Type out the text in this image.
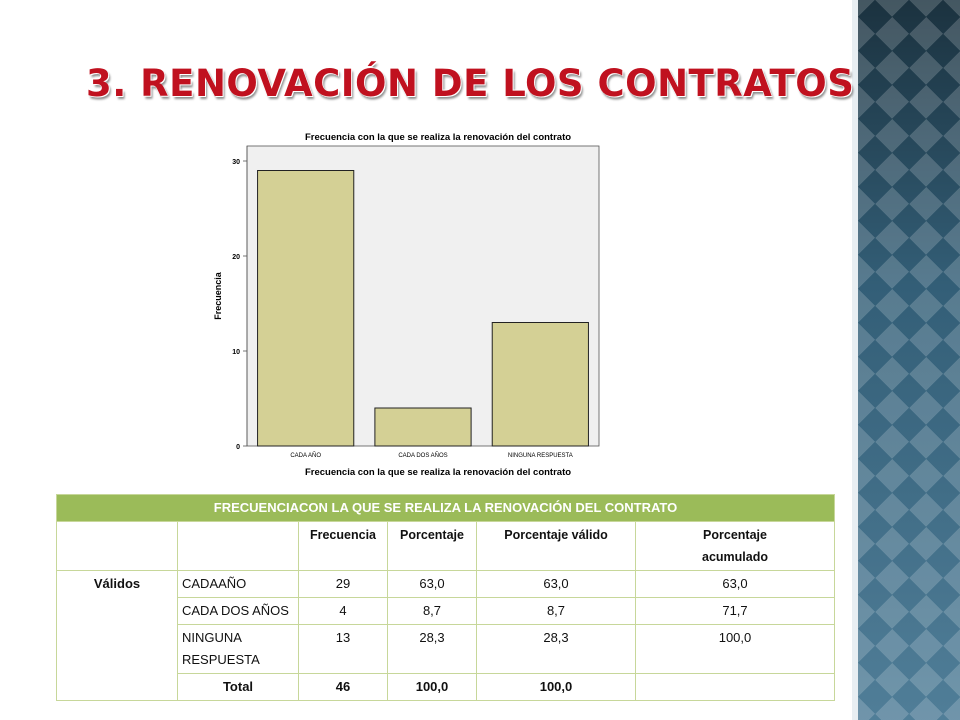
3. RENOVACIÓN DE LOS CONTRATOS
Frecuencia con la que se realiza la renovación del contrato
0
10
20
30
CADA AÑO	CADA DOS AÑOS	NINGUNA RESPUESTA
Frecuencia
Frecuencia con la que se realiza la renovación del contrato
FRECUENCIACON LA QUE SE REALIZA LA RENOVACIÓN DEL CONTRATO					
		Frecuencia	Porcentaje	Porcentaje válido	Porcentaje
acumulado
Válidos	CADAAÑO	29	63,0	63,0	63,0
	CADA DOS AÑOS	4	8,7	8,7	71,7
	NINGUNA RESPUESTA	13	28,3	28,3	100,0
	Total	46	100,0	100,0	
